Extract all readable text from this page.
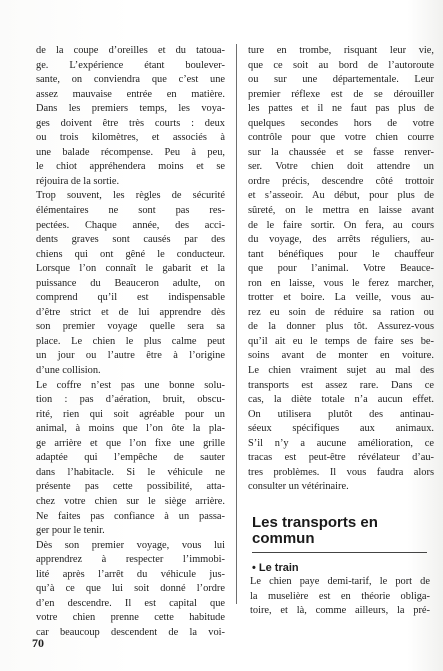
de la coupe d’oreilles et du tatoua-
ge. L’expérience étant boulever-
sante, on conviendra que c’est une
assez mauvaise entrée en matière.
Dans les premiers temps, les voya-
ges doivent être très courts : deux
ou trois kilomètres, et associés à
une balade récompense. Peu à peu,
le chiot appréhendera moins et se
réjouira de la sortie.
Trop souvent, les règles de sécurité
élémentaires ne sont pas res-
pectées. Chaque année, des acci-
dents graves sont causés par des
chiens qui ont gêné le conducteur.
Lorsque l’on connaît le gabarit et la
puissance du Beauceron adulte, on
comprend qu’il est indispensable
d’être strict et de lui apprendre dès
son premier voyage quelle sera sa
place. Le chien le plus calme peut
un jour ou l’autre être à l’origine
d’une collision.
Le coffre n’est pas une bonne solu-
tion : pas d’aération, bruit, obscu-
rité, rien qui soit agréable pour un
animal, à moins que l’on ôte la pla-
ge arrière et que l’on fixe une grille
adaptée qui l’empêche de sauter
dans l’habitacle. Si le véhicule ne
présente pas cette possibilité, atta-
chez votre chien sur le siège arrière.
Ne faites pas confiance à un passa-
ger pour le tenir.
Dès son premier voyage, vous lui
apprendrez à respecter l’immobi-
lité après l’arrêt du véhicule jus-
qu’à ce que lui soit donné l’ordre
d’en descendre. Il est capital que
votre chien prenne cette habitude
car beaucoup descendent de la voi-
ture en trombe, risquant leur vie,
que ce soit au bord de l’autoroute
ou sur une départementale. Leur
premier réflexe est de se dérouiller
les pattes et il ne faut pas plus de
quelques secondes hors de votre
contrôle pour que votre chien courre
sur la chaussée et se fasse renver-
ser. Votre chien doit attendre un
ordre précis, descendre côté trottoir
et s’asseoir. Au début, pour plus de
sûreté, on le mettra en laisse avant
de le faire sortir. On fera, au cours
du voyage, des arrêts réguliers, au-
tant bénéfiques pour le chauffeur
que pour l’animal. Votre Beauce-
ron en laisse, vous le ferez marcher,
trotter et boire. La veille, vous au-
rez eu soin de réduire sa ration ou
de la donner plus tôt. Assurez-vous
qu’il ait eu le temps de faire ses be-
soins avant de monter en voiture.
Le chien vraiment sujet au mal des
transports est assez rare. Dans ce
cas, la diète totale n’a aucun effet.
On utilisera plutôt des antinau-
séeux spécifiques aux animaux.
S’il n’y a aucune amélioration, ce
tracas est peut-être révélateur d’au-
tres problèmes. Il vous faudra alors
consulter un vétérinaire.
Les transports en
commun
• Le train
Le chien paye demi-tarif, le port de
la muselière est en théorie obliga-
toire, et là, comme ailleurs, la pré-
70
